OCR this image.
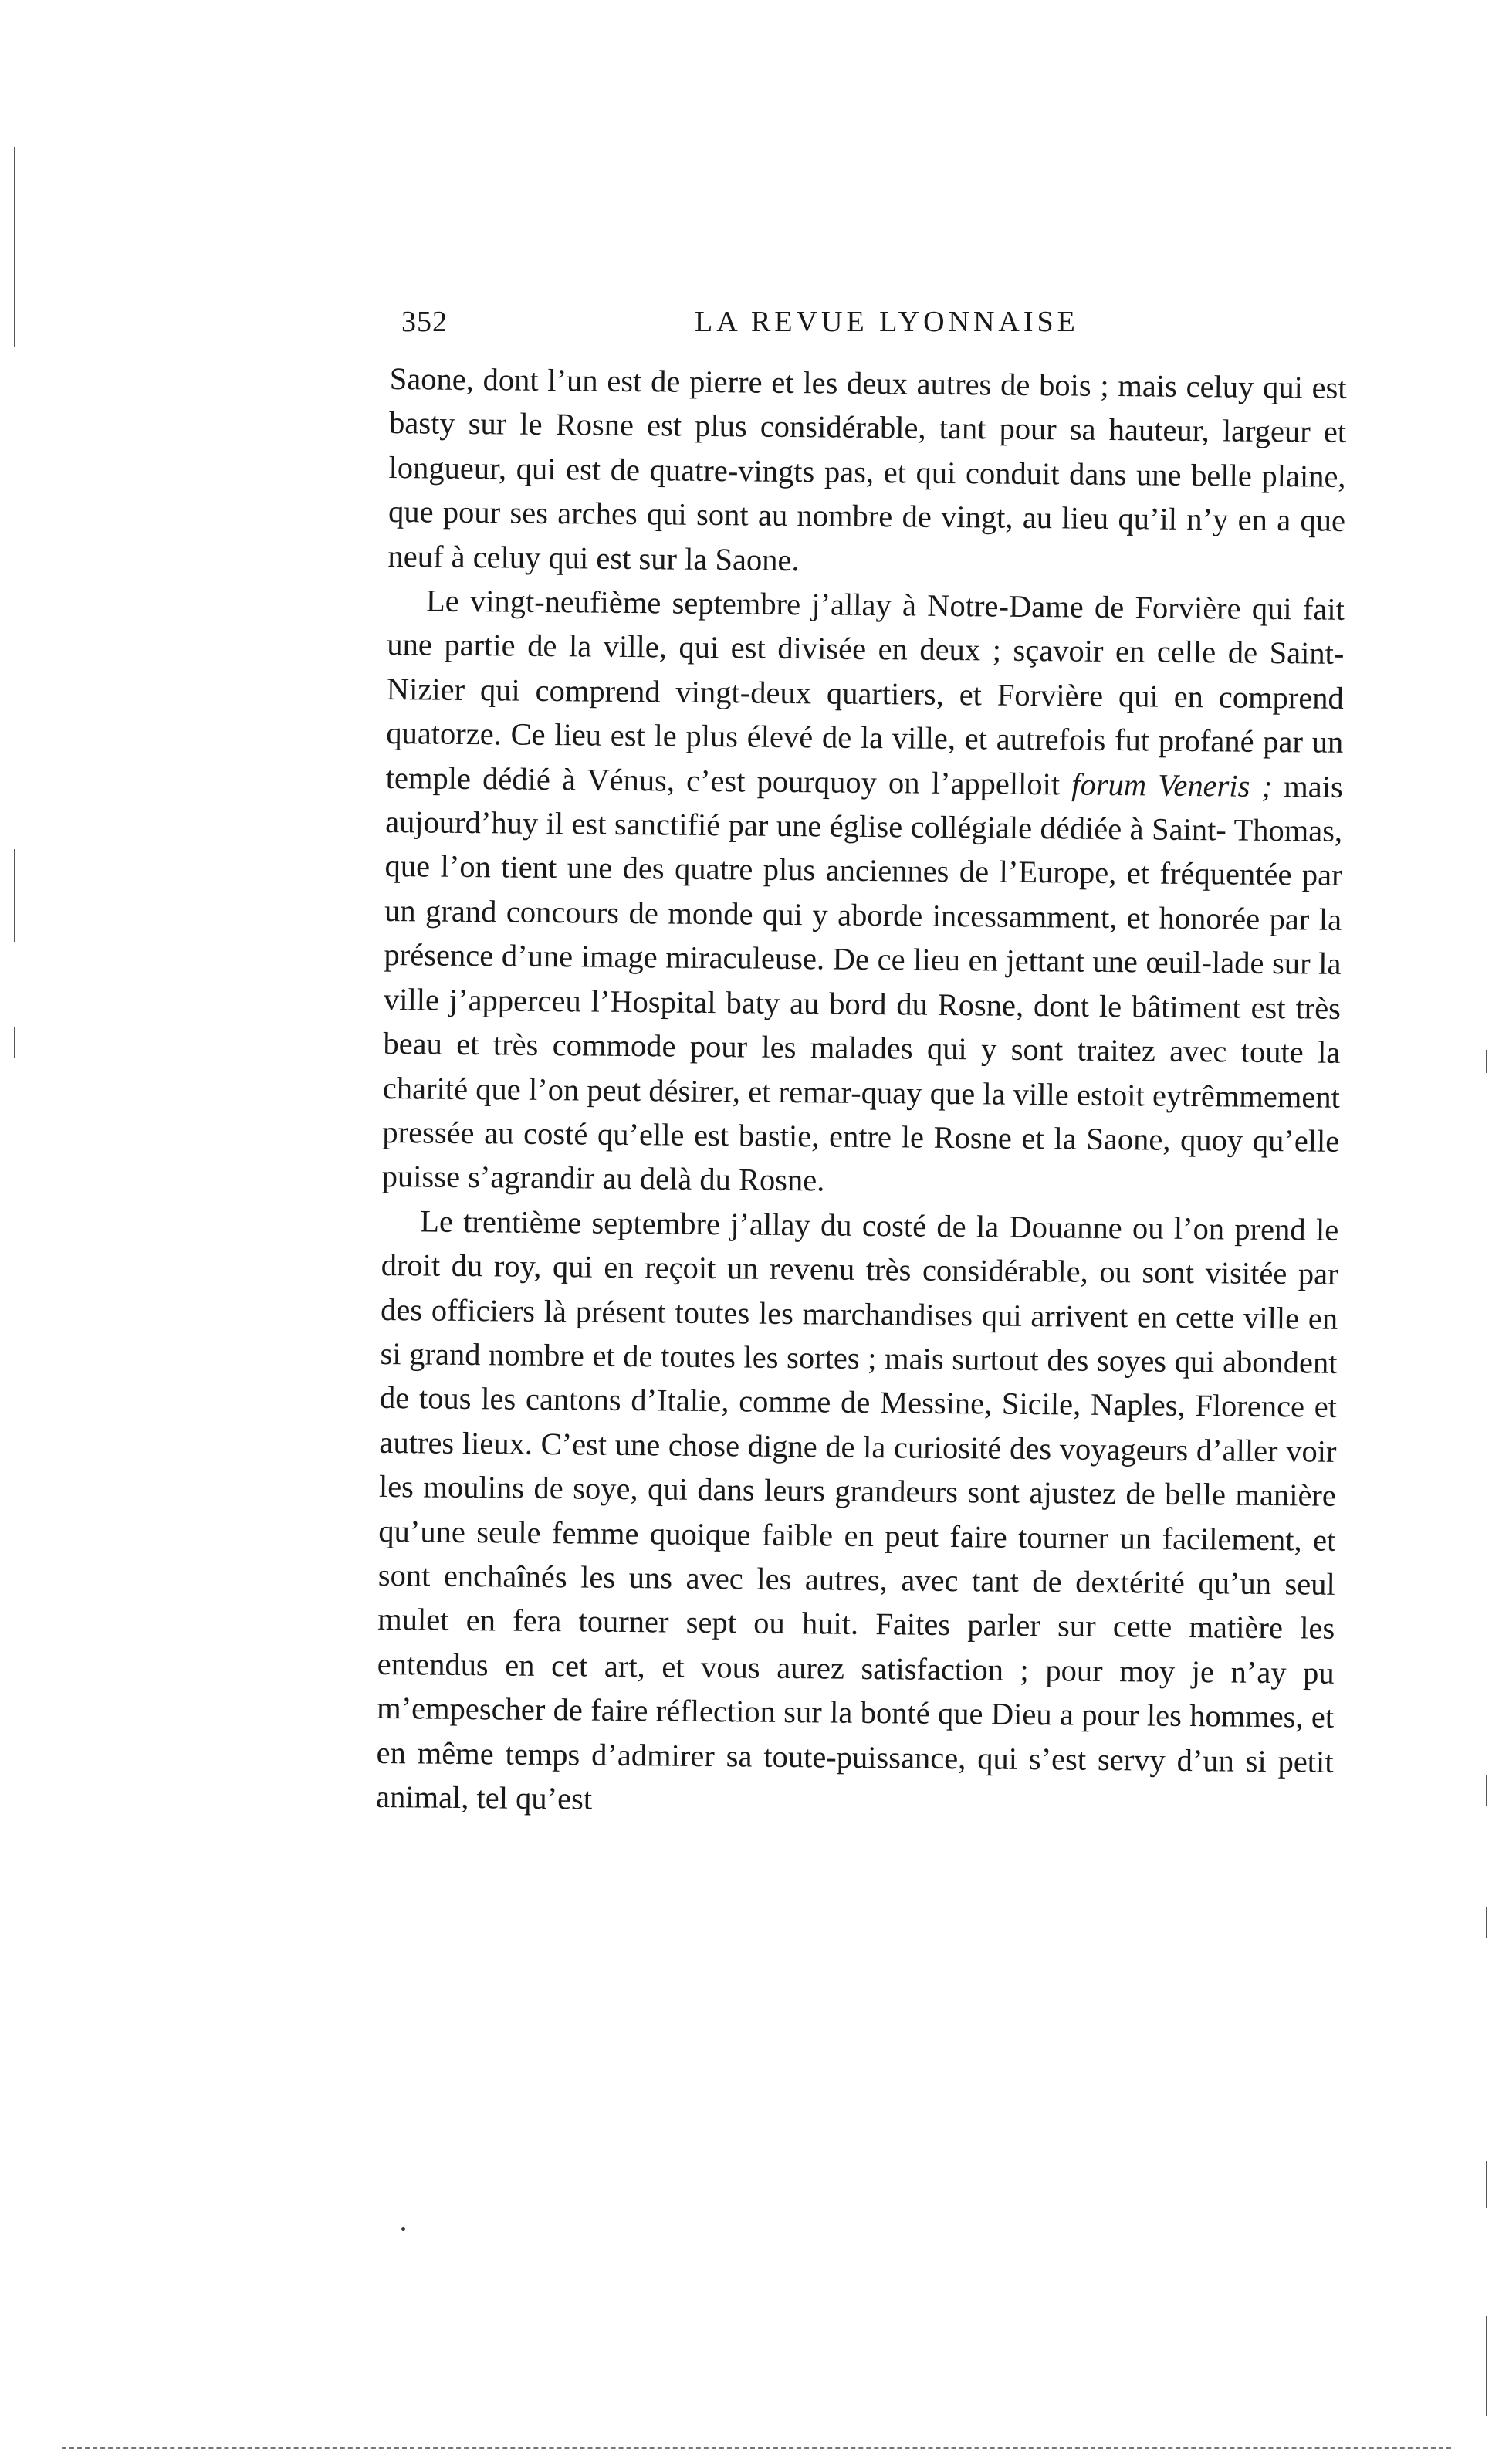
352	LA REVUE LYONNAISE

Saone, dont l’un est de pierre et les deux autres de bois ; mais celuy qui est basty sur le Rosne est plus considérable, tant pour sa hauteur, largeur et longueur, qui est de quatre-vingts pas, et qui conduit dans une belle plaine, que pour ses arches qui sont au nombre de vingt, au lieu qu’il n’y en a que neuf à celuy qui est sur la Saone.

Le vingt-neufième septembre j’allay à Notre-Dame de Forvière qui fait une partie de la ville, qui est divisée en deux ; sçavoir en celle de Saint-Nizier qui comprend vingt-deux quartiers, et Forvière qui en comprend quatorze. Ce lieu est le plus élevé de la ville, et autrefois fut profané par un temple dédié à Vénus, c’est pourquoy on l’appelloit forum Veneris ; mais aujourd’huy il est sanctifié par une église collégiale dédiée à Saint- Thomas, que l’on tient une des quatre plus anciennes de l’Europe, et fréquentée par un grand concours de monde qui y aborde incessamment, et honorée par la présence d’une image miraculeuse. De ce lieu en jettant une œuil-lade sur la ville j’apperceu l’Hospital baty au bord du Rosne, dont le bâtiment est très beau et très commode pour les malades qui y sont traitez avec toute la charité que l’on peut désirer, et remar-quay que la ville estoit eytrêmmement pressée au costé qu’elle est bastie, entre le Rosne et la Saone, quoy qu’elle puisse s’agrandir au delà du Rosne.

Le trentième septembre j’allay du costé de la Douanne ou l’on prend le droit du roy, qui en reçoit un revenu très considérable, ou sont visitée par des officiers là présent toutes les marchandises qui arrivent en cette ville en si grand nombre et de toutes les sortes ; mais surtout des soyes qui abondent de tous les cantons d’Italie, comme de Messine, Sicile, Naples, Florence et autres lieux. C’est une chose digne de la curiosité des voyageurs d’aller voir les moulins de soye, qui dans leurs grandeurs sont ajustez de belle manière qu’une seule femme quoique faible en peut faire tourner un facilement, et sont enchaînés les uns avec les autres, avec tant de dextérité qu’un seul mulet en fera tourner sept ou huit. Faites parler sur cette matière les entendus en cet art, et vous aurez satisfaction ; pour moy je n’ay pu m’empescher de faire réflection sur la bonté que Dieu a pour les hommes, et en même temps d’admirer sa toute-puissance, qui s’est servy d’un si petit animal, tel qu’est
